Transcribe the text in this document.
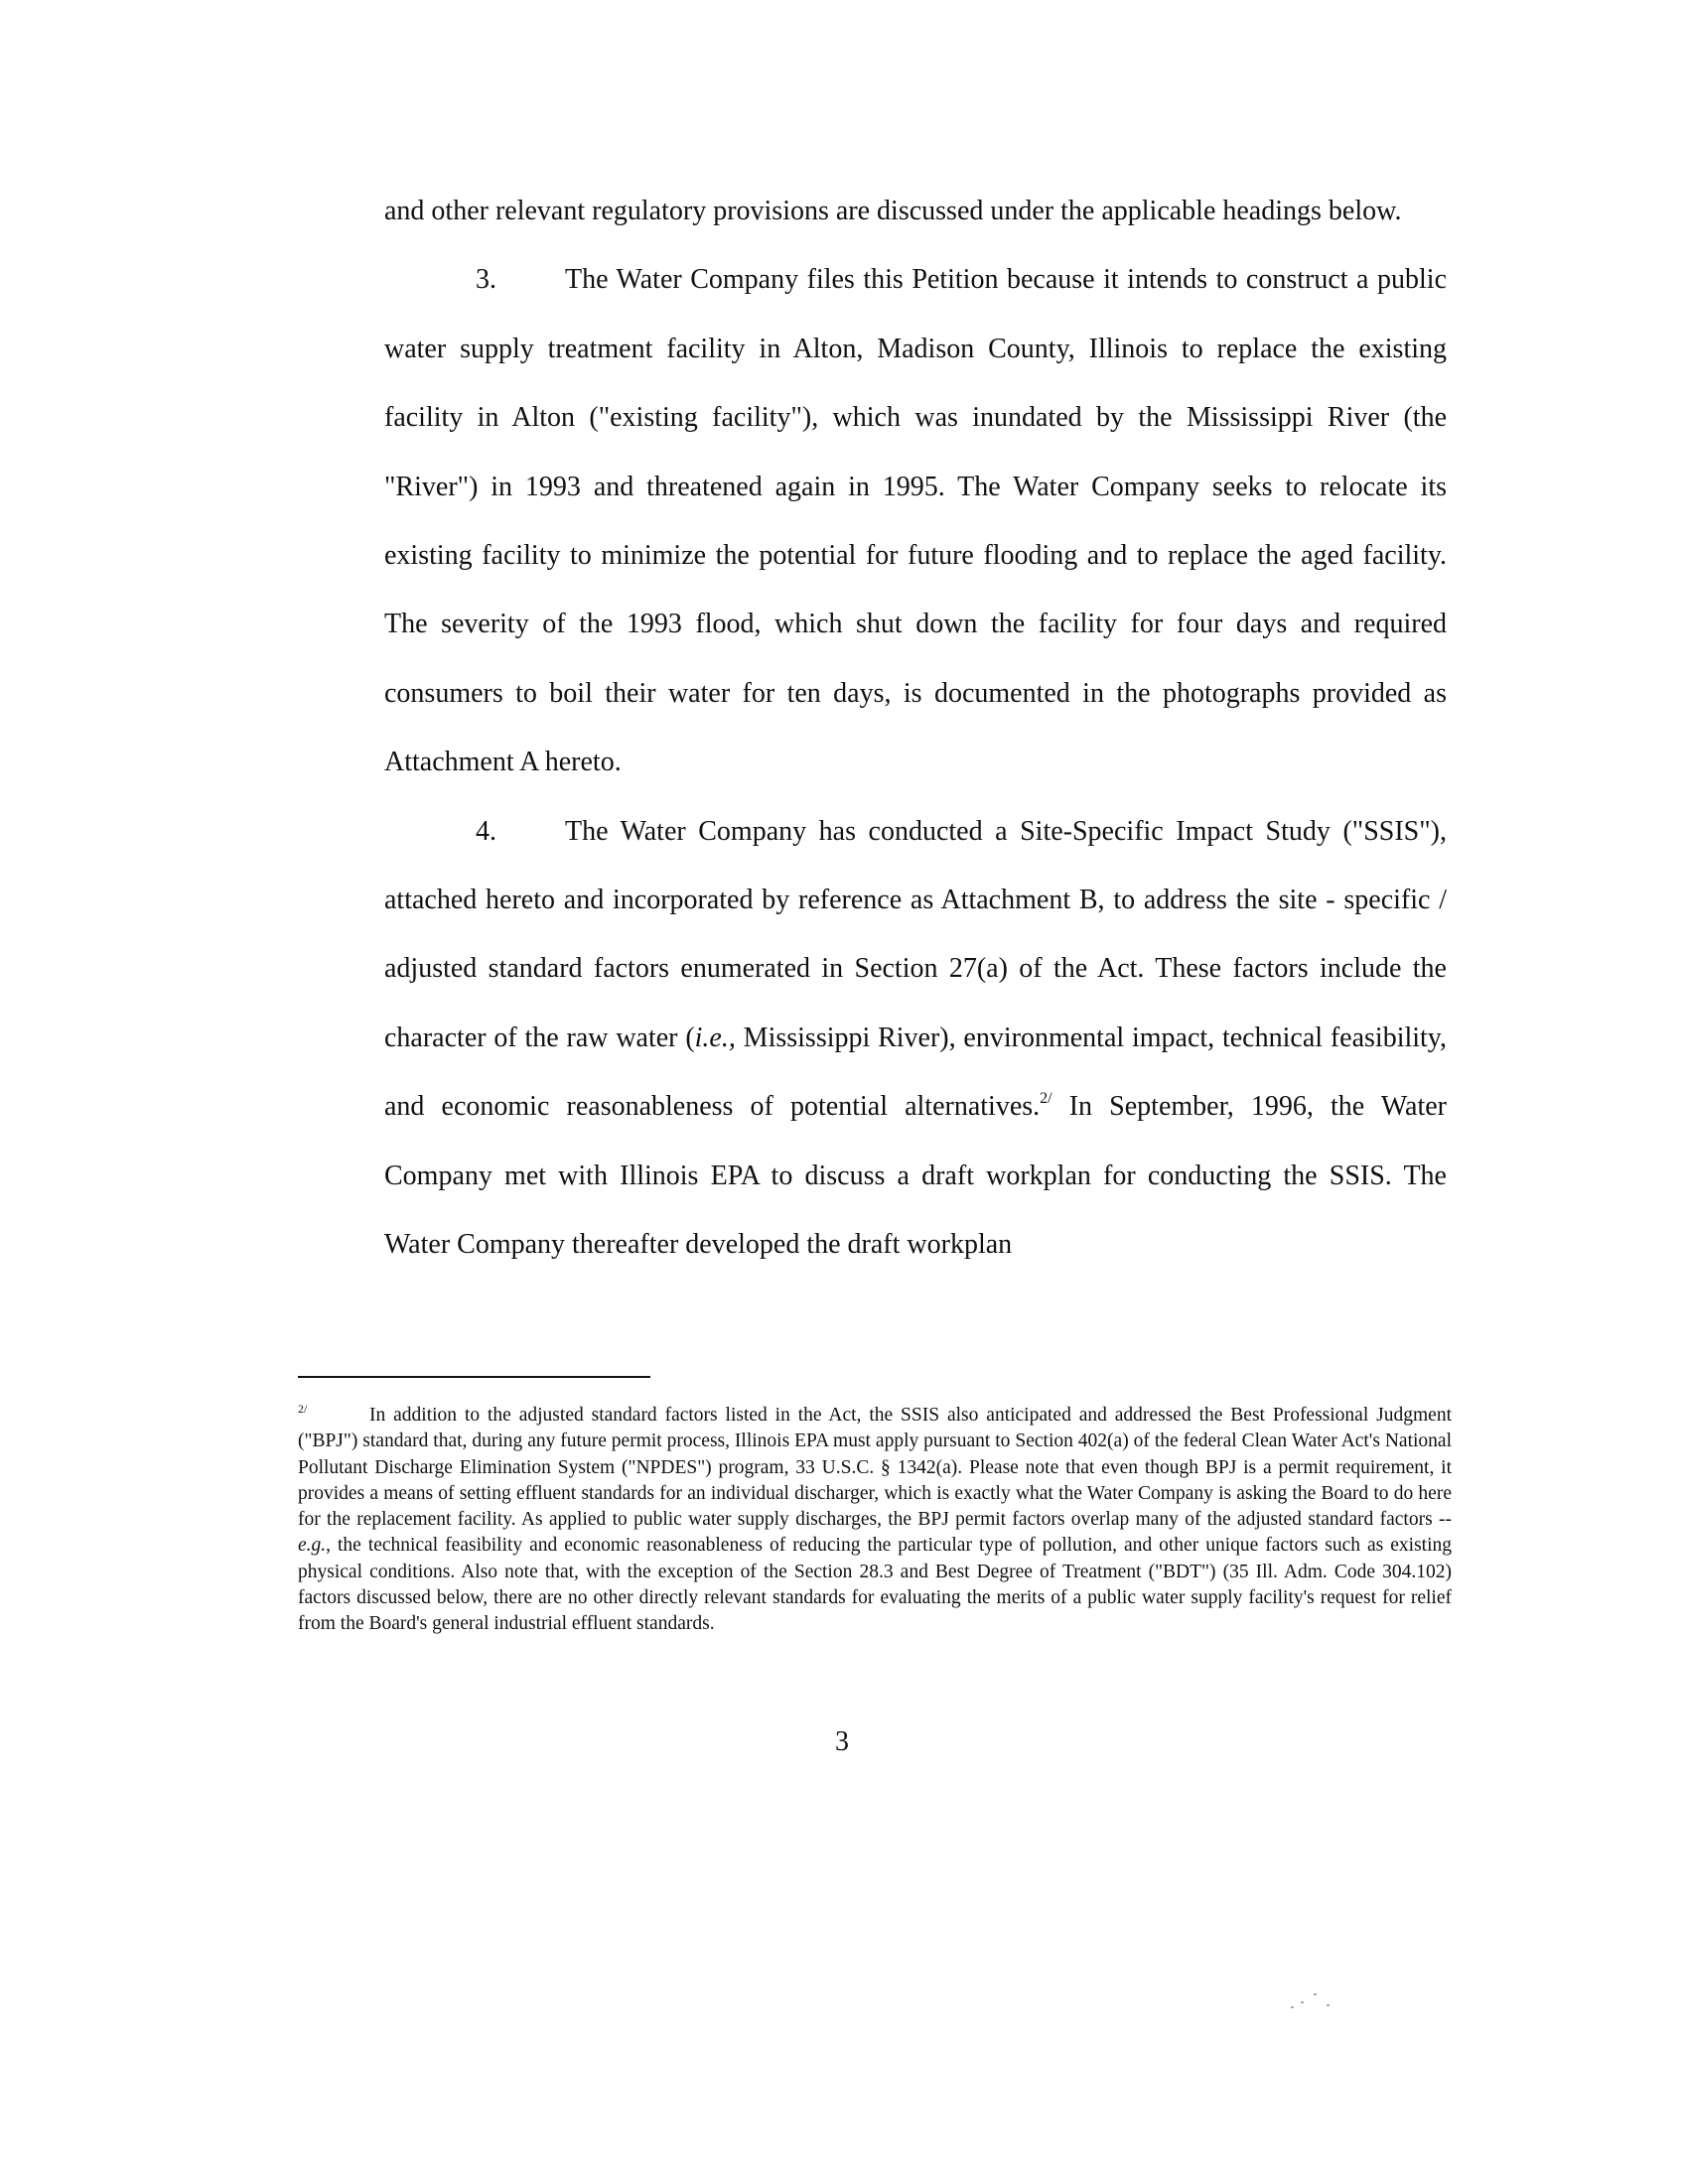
and other relevant regulatory provisions are discussed under the applicable headings below.

3. The Water Company files this Petition because it intends to construct a public water supply treatment facility in Alton, Madison County, Illinois to replace the existing facility in Alton ("existing facility"), which was inundated by the Mississippi River (the "River") in 1993 and threatened again in 1995. The Water Company seeks to relocate its existing facility to minimize the potential for future flooding and to replace the aged facility. The severity of the 1993 flood, which shut down the facility for four days and required consumers to boil their water for ten days, is documented in the photographs provided as Attachment A hereto.

4. The Water Company has conducted a Site-Specific Impact Study ("SSIS"), attached hereto and incorporated by reference as Attachment B, to address the site - specific / adjusted standard factors enumerated in Section 27(a) of the Act. These factors include the character of the raw water (i.e., Mississippi River), environmental impact, technical feasibility, and economic reasonableness of potential alternatives.$^{2/}$ In September, 1996, the Water Company met with Illinois EPA to discuss a draft workplan for conducting the SSIS. The Water Company thereafter developed the draft workplan

2/	In addition to the adjusted standard factors listed in the Act, the SSIS also anticipated and addressed the Best Professional Judgment ("BPJ") standard that, during any future permit process, Illinois EPA must apply pursuant to Section 402(a) of the federal Clean Water Act's National Pollutant Discharge Elimination System ("NPDES") program, 33 U.S.C. § 1342(a). Please note that even though BPJ is a permit requirement, it provides a means of setting effluent standards for an individual discharger, which is exactly what the Water Company is asking the Board to do here for the replacement facility. As applied to public water supply discharges, the BPJ permit factors overlap many of the adjusted standard factors -- e.g., the technical feasibility and economic reasonableness of reducing the particular type of pollution, and other unique factors such as existing physical conditions. Also note that, with the exception of the Section 28.3 and Best Degree of Treatment ("BDT") (35 Ill. Adm. Code 304.102) factors discussed below, there are no other directly relevant standards for evaluating the merits of a public water supply facility's request for relief from the Board's general industrial effluent standards.
3
